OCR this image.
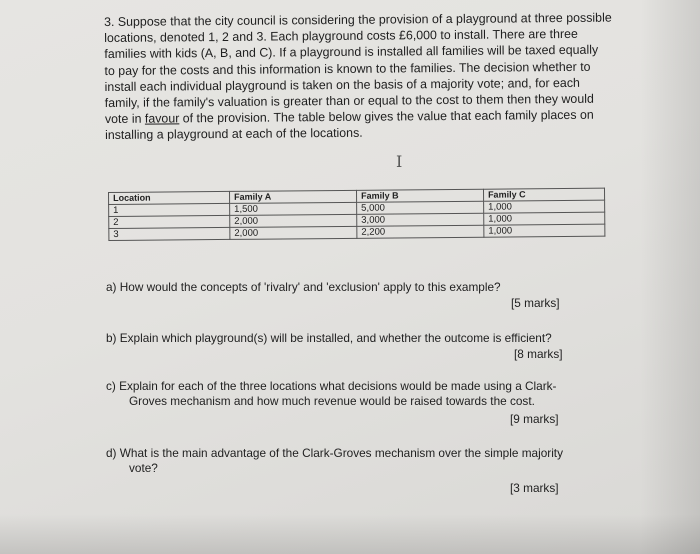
3. Suppose that the city council is considering the provision of a playground at three possible

locations, denoted 1, 2 and 3. Each playground costs £6,000 to install. There are three

families with kids (A, B, and C). If a playground is installed all families will be taxed equally

to pay for the costs and this information is known to the families. The decision whether to

install each individual playground is taken on the basis of a majority vote; and, for each

family, if the family's valuation is greater than or equal to the cost to them then they would

vote in favour of the provision. The table below gives the value that each family places on

installing a playground at each of the locations.

I
Location	Family A	Family B	Family C
1	1,500	5,000	1,000
2	2,000	3,000	1,000
3	2,000	2,200	1,000
a) How would the concepts of 'rivalry' and 'exclusion' apply to this example?
[5 marks]
b) Explain which playground(s) will be installed, and whether the outcome is efficient?
[8 marks]
c) Explain for each of the three locations what decisions would be made using a Clark-
Groves mechanism and how much revenue would be raised towards the cost.
[9 marks]
d) What is the main advantage of the Clark-Groves mechanism over the simple majority
vote?
[3 marks]
